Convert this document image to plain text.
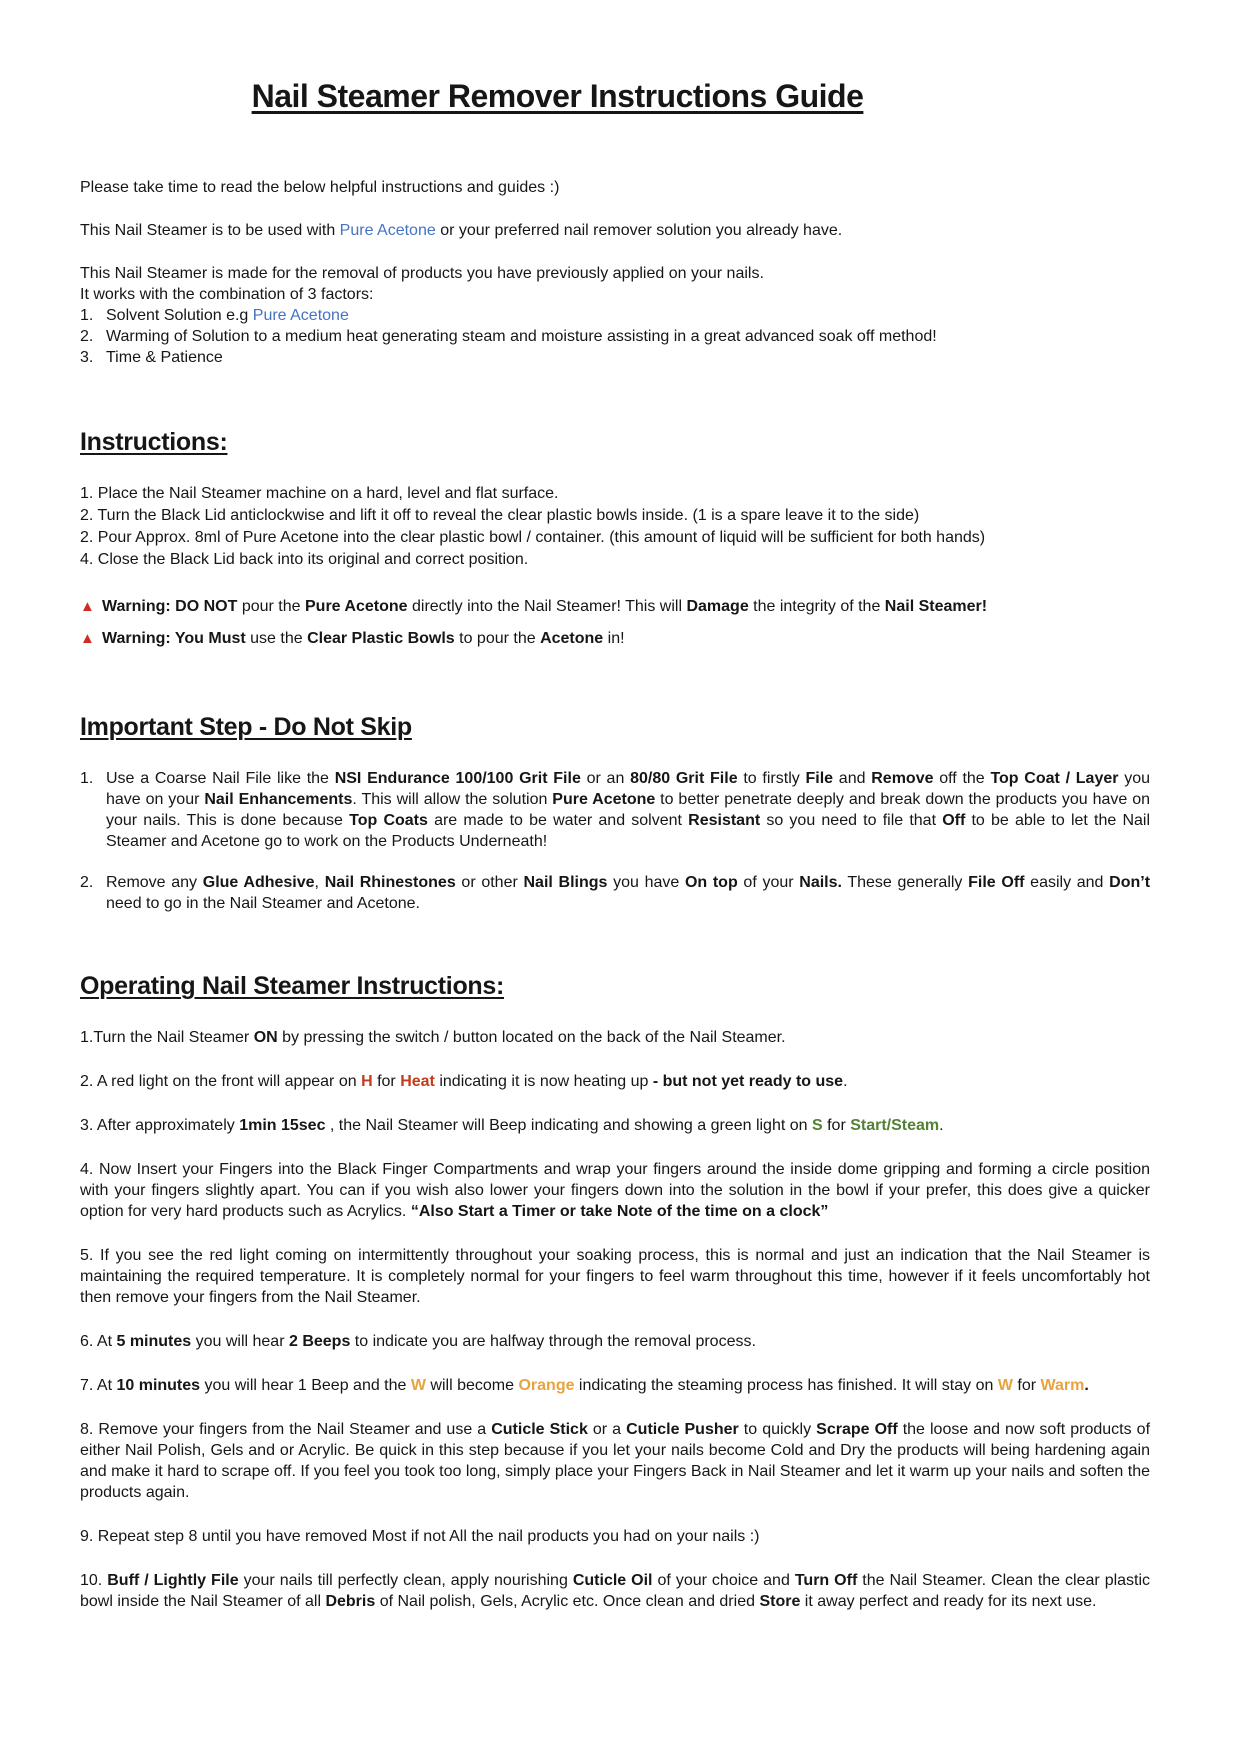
Nail Steamer Remover Instructions Guide

Please take time to read the below helpful instructions and guides :)

This Nail Steamer is to be used with Pure Acetone or your preferred nail remover solution you already have.

This Nail Steamer is made for the removal of products you have previously applied on your nails.

It works with the combination of 3 factors:

1. Solvent Solution e.g Pure Acetone
2. Warming of Solution to a medium heat generating steam and moisture assisting in a great advanced soak off method!
3. Time & Patience
Instructions:

1. Place the Nail Steamer machine on a hard, level and flat surface.

2. Turn the Black Lid anticlockwise and lift it off to reveal the clear plastic bowls inside. (1 is a spare leave it to the side)

2. Pour Approx. 8ml of Pure Acetone into the clear plastic bowl / container. (this amount of liquid will be sufficient for both hands)

4. Close the Black Lid back into its original and correct position.

▲ Warning: DO NOT pour the Pure Acetone directly into the Nail Steamer! This will Damage the integrity of the Nail Steamer!
▲ Warning: You Must use the Clear Plastic Bowls to pour the Acetone in!
Important Step - Do Not Skip
1. Use a Coarse Nail File like the NSI Endurance 100/100 Grit File or an 80/80 Grit File to firstly File and Remove off the Top Coat / Layer you have on your Nail Enhancements. This will allow the solution Pure Acetone to better penetrate deeply and break down the products you have on your nails. This is done because Top Coats are made to be water and solvent Resistant so you need to file that Off to be able to let the Nail Steamer and Acetone go to work on the Products Underneath!
2. Remove any Glue Adhesive, Nail Rhinestones or other Nail Blings you have On top of your Nails. These generally File Off easily and Don’t need to go in the Nail Steamer and Acetone.
Operating Nail Steamer Instructions:

1.Turn the Nail Steamer ON by pressing the switch / button located on the back of the Nail Steamer.

2. A red light on the front will appear on H for Heat indicating it is now heating up - but not yet ready to use.

3. After approximately 1min 15sec , the Nail Steamer will Beep indicating and showing a green light on S for Start/Steam.

4. Now Insert your Fingers into the Black Finger Compartments and wrap your fingers around the inside dome gripping and forming a circle position with your fingers slightly apart. You can if you wish also lower your fingers down into the solution in the bowl if your prefer, this does give a quicker option for very hard products such as Acrylics. “Also Start a Timer or take Note of the time on a clock”

5. If you see the red light coming on intermittently throughout your soaking process, this is normal and just an indication that the Nail Steamer is maintaining the required temperature. It is completely normal for your fingers to feel warm throughout this time, however if it feels uncomfortably hot then remove your fingers from the Nail Steamer.

6. At 5 minutes you will hear 2 Beeps to indicate you are halfway through the removal process.

7. At 10 minutes you will hear 1 Beep and the W will become Orange indicating the steaming process has finished. It will stay on W for Warm.

8. Remove your fingers from the Nail Steamer and use a Cuticle Stick or a Cuticle Pusher to quickly Scrape Off the loose and now soft products of either Nail Polish, Gels and or Acrylic. Be quick in this step because if you let your nails become Cold and Dry the products will being hardening again and make it hard to scrape off. If you feel you took too long, simply place your Fingers Back in Nail Steamer and let it warm up your nails and soften the products again.

9. Repeat step 8 until you have removed Most if not All the nail products you had on your nails :)

10. Buff / Lightly File your nails till perfectly clean, apply nourishing Cuticle Oil of your choice and Turn Off the Nail Steamer. Clean the clear plastic bowl inside the Nail Steamer of all Debris of Nail polish, Gels, Acrylic etc. Once clean and dried Store it away perfect and ready for its next use.
